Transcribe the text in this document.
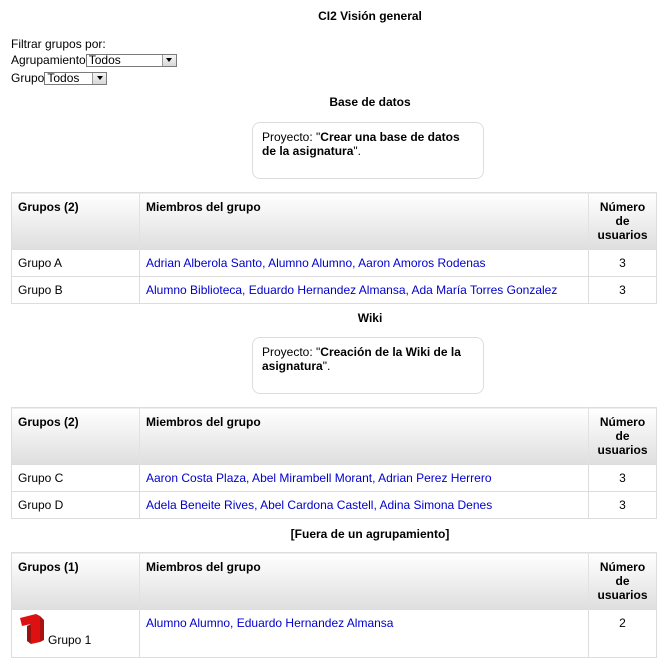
CI2 Visión general
Filtrar grupos por:
Agrupamiento Todos
Grupo Todos
Base de datos
Proyecto: "Crear una base de datos de la asignatura".
Grupos (2)	Miembros del grupo	Número
de
usuarios
Grupo A	Adrian Alberola Santo, Alumno Alumno, Aaron Amoros Rodenas	3
Grupo B	Alumno Biblioteca, Eduardo Hernandez Almansa, Ada María Torres Gonzalez	3
Wiki
Proyecto: "Creación de la Wiki de la asignatura".
Grupos (2)	Miembros del grupo	Número
de
usuarios
Grupo C	Aaron Costa Plaza, Abel Mirambell Morant, Adrian Perez Herrero	3
Grupo D	Adela Beneite Rives, Abel Cardona Castell, Adina Simona Denes	3
[Fuera de un agrupamiento]
Grupos (1)	Miembros del grupo	Número
de
usuarios
Grupo 1	Alumno Alumno, Eduardo Hernandez Almansa	2
